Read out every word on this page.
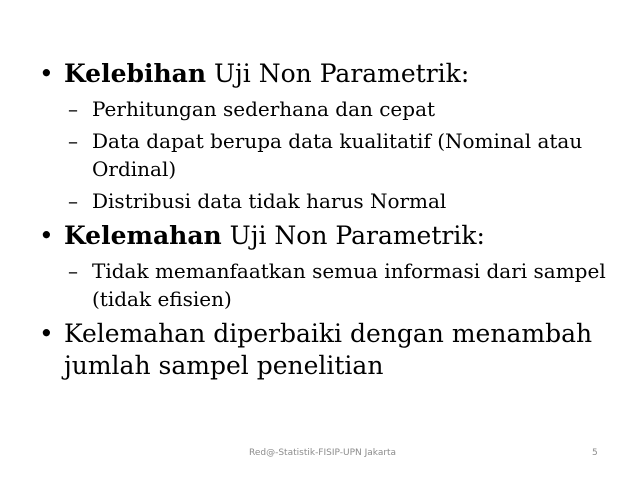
• Kelebihan Uji Non Parametrik:
– Perhitungan sederhana dan cepat
– Data dapat berupa data kualitatif (Nominal atau Ordinal)
– Distribusi data tidak harus Normal
• Kelemahan Uji Non Parametrik:
– Tidak memanfaatkan semua informasi dari sampel (tidak efisien)
• Kelemahan diperbaiki dengan menambah jumlah sampel penelitian
Red@-Statistik-FISIP-UPN Jakarta	5
